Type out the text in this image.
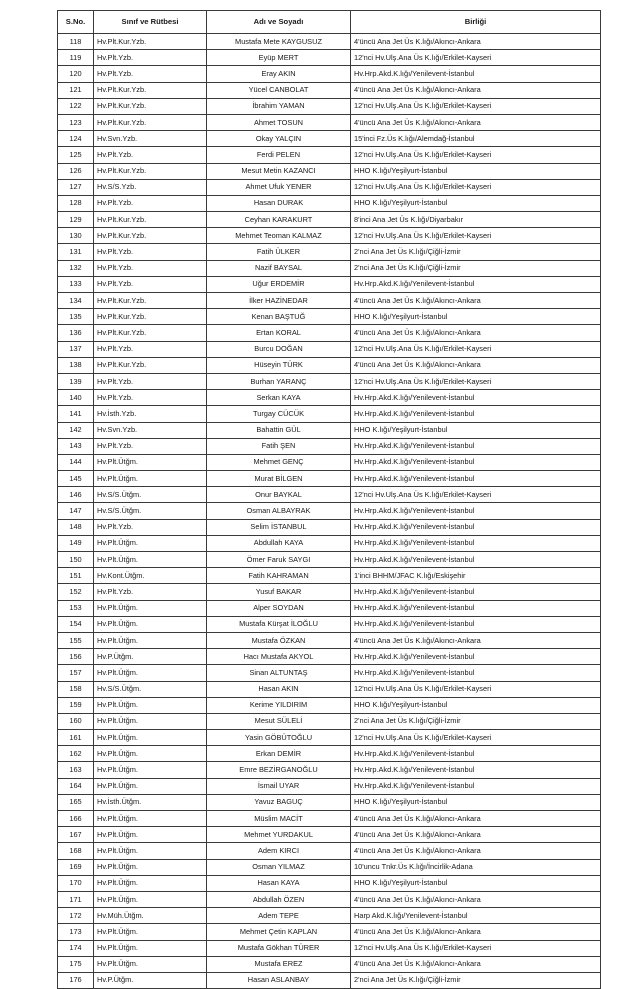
S.No.	Sınıf ve Rütbesi	Adı ve Soyadı	Birliği
118	Hv.Plt.Kur.Yzb.	Mustafa Mete KAYGUSUZ	4'üncü Ana Jet Üs K.lığı/Akıncı-Ankara
119	Hv.Plt.Yzb.	Eyüp MERT	12'nci Hv.Ulş.Ana Üs K.lığı/Erkilet-Kayseri
120	Hv.Plt.Yzb.	Eray AKIN	Hv.Hrp.Akd.K.lığı/Yenilevent-İstanbul
121	Hv.Plt.Kur.Yzb.	Yücel CANBOLAT	4'üncü Ana Jet Üs K.lığı/Akıncı-Ankara
122	Hv.Plt.Kur.Yzb.	İbrahim YAMAN	12'nci Hv.Ulş.Ana Üs K.lığı/Erkilet-Kayseri
123	Hv.Plt.Kur.Yzb.	Ahmet TOSUN	4'üncü Ana Jet Üs K.lığı/Akıncı-Ankara
124	Hv.Svn.Yzb.	Okay YALÇIN	15'inci Fz.Üs K.lığı/Alemdağ-İstanbul
125	Hv.Plt.Yzb.	Ferdi PELEN	12'nci Hv.Ulş.Ana Üs K.lığı/Erkilet-Kayseri
126	Hv.Plt.Kur.Yzb.	Mesut Metin KAZANCI	HHO K.lığı/Yeşilyurt-İstanbul
127	Hv.S/S.Yzb.	Ahmet Ufuk YENER	12'nci Hv.Ulş.Ana Üs K.lığı/Erkilet-Kayseri
128	Hv.Plt.Yzb.	Hasan DURAK	HHO K.lığı/Yeşilyurt-İstanbul
129	Hv.Plt.Kur.Yzb.	Ceyhan KARAKURT	8'inci Ana Jet Üs K.lığı/Diyarbakır
130	Hv.Plt.Kur.Yzb.	Mehmet Teoman KALMAZ	12'nci Hv.Ulş.Ana Üs K.lığı/Erkilet-Kayseri
131	Hv.Plt.Yzb.	Fatih ÜLKER	2'nci Ana Jet Üs K.lığı/Çiğli-İzmir
132	Hv.Plt.Yzb.	Nazif BAYSAL	2'nci Ana Jet Üs K.lığı/Çiğli-İzmir
133	Hv.Plt.Yzb.	Uğur ERDEMİR	Hv.Hrp.Akd.K.lığı/Yenilevent-İstanbul
134	Hv.Plt.Kur.Yzb.	İlker HAZİNEDAR	4'üncü Ana Jet Üs K.lığı/Akıncı-Ankara
135	Hv.Plt.Kur.Yzb.	Kenan BAŞTUĞ	HHO K.lığı/Yeşilyurt-İstanbul
136	Hv.Plt.Kur.Yzb.	Ertan KORAL	4'üncü Ana Jet Üs K.lığı/Akıncı-Ankara
137	Hv.Plt.Yzb.	Burcu DOĞAN	12'nci Hv.Ulş.Ana Üs K.lığı/Erkilet-Kayseri
138	Hv.Plt.Kur.Yzb.	Hüseyin TÜRK	4'üncü Ana Jet Üs K.lığı/Akıncı-Ankara
139	Hv.Plt.Yzb.	Burhan YARANÇ	12'nci Hv.Ulş.Ana Üs K.lığı/Erkilet-Kayseri
140	Hv.Plt.Yzb.	Serkan KAYA	Hv.Hrp.Akd.K.lığı/Yenilevent-İstanbul
141	Hv.İsth.Yzb.	Turgay CÜCÜK	Hv.Hrp.Akd.K.lığı/Yenilevent-İstanbul
142	Hv.Svn.Yzb.	Bahattin GÜL	HHO K.lığı/Yeşilyurt-İstanbul
143	Hv.Plt.Yzb.	Fatih ŞEN	Hv.Hrp.Akd.K.lığı/Yenilevent-İstanbul
144	Hv.Plt.Ütğm.	Mehmet GENÇ	Hv.Hrp.Akd.K.lığı/Yenilevent-İstanbul
145	Hv.Plt.Ütğm.	Murat BİLGEN	Hv.Hrp.Akd.K.lığı/Yenilevent-İstanbul
146	Hv.S/S.Ütğm.	Onur BAYKAL	12'nci Hv.Ulş.Ana Üs K.lığı/Erkilet-Kayseri
147	Hv.S/S.Ütğm.	Osman ALBAYRAK	Hv.Hrp.Akd.K.lığı/Yenilevent-İstanbul
148	Hv.Plt.Yzb.	Selim İSTANBUL	Hv.Hrp.Akd.K.lığı/Yenilevent-İstanbul
149	Hv.Plt.Ütğm.	Abdullah KAYA	Hv.Hrp.Akd.K.lığı/Yenilevent-İstanbul
150	Hv.Plt.Ütğm.	Ömer Faruk SAYGI	Hv.Hrp.Akd.K.lığı/Yenilevent-İstanbul
151	Hv.Kont.Ütğm.	Fatih KAHRAMAN	1'inci BHHM/JFAC K.lığı/Eskişehir
152	Hv.Plt.Yzb.	Yusuf BAKAR	Hv.Hrp.Akd.K.lığı/Yenilevent-İstanbul
153	Hv.Plt.Ütğm.	Alper SOYDAN	Hv.Hrp.Akd.K.lığı/Yenilevent-İstanbul
154	Hv.Plt.Ütğm.	Mustafa Kürşat İLOĞLU	Hv.Hrp.Akd.K.lığı/Yenilevent-İstanbul
155	Hv.Plt.Ütğm.	Mustafa ÖZKAN	4'üncü Ana Jet Üs K.lığı/Akıncı-Ankara
156	Hv.P.Ütğm.	Hacı Mustafa AKYOL	Hv.Hrp.Akd.K.lığı/Yenilevent-İstanbul
157	Hv.Plt.Ütğm.	Sinan ALTUNTAŞ	Hv.Hrp.Akd.K.lığı/Yenilevent-İstanbul
158	Hv.S/S.Ütğm.	Hasan AKIN	12'nci Hv.Ulş.Ana Üs K.lığı/Erkilet-Kayseri
159	Hv.Plt.Ütğm.	Kerime YILDIRIM	HHO K.lığı/Yeşilyurt-İstanbul
160	Hv.Plt.Ütğm.	Mesut SÜLELİ	2'nci Ana Jet Üs K.lığı/Çiğli-İzmir
161	Hv.Plt.Ütğm.	Yasin GÖBÜTOĞLU	12'nci Hv.Ulş.Ana Üs K.lığı/Erkilet-Kayseri
162	Hv.Plt.Ütğm.	Erkan DEMİR	Hv.Hrp.Akd.K.lığı/Yenilevent-İstanbul
163	Hv.Plt.Ütğm.	Emre BEZİRGANOĞLU	Hv.Hrp.Akd.K.lığı/Yenilevent-İstanbul
164	Hv.Plt.Ütğm.	İsmail UYAR	Hv.Hrp.Akd.K.lığı/Yenilevent-İstanbul
165	Hv.İsth.Ütğm.	Yavuz BAGUÇ	HHO K.lığı/Yeşilyurt-İstanbul
166	Hv.Plt.Ütğm.	Müslim MACİT	4'üncü Ana Jet Üs K.lığı/Akıncı-Ankara
167	Hv.Plt.Ütğm.	Mehmet YURDAKUL	4'üncü Ana Jet Üs K.lığı/Akıncı-Ankara
168	Hv.Plt.Ütğm.	Adem KIRCI	4'üncü Ana Jet Üs K.lığı/Akıncı-Ankara
169	Hv.Plt.Ütğm.	Osman YILMAZ	10'uncu Tnkr.Üs K.lığı/İncirlik-Adana
170	Hv.Plt.Ütğm.	Hasan KAYA	HHO K.lığı/Yeşilyurt-İstanbul
171	Hv.Plt.Ütğm.	Abdullah ÖZEN	4'üncü Ana Jet Üs K.lığı/Akıncı-Ankara
172	Hv.Müh.Ütğm.	Adem TEPE	Harp Akd.K.lığı/Yenilevent-İstanbul
173	Hv.Plt.Ütğm.	Mehmet Çetin KAPLAN	4'üncü Ana Jet Üs K.lığı/Akıncı-Ankara
174	Hv.Plt.Ütğm.	Mustafa Gökhan TÜRER	12'nci Hv.Ulş.Ana Üs K.lığı/Erkilet-Kayseri
175	Hv.Plt.Ütğm.	Mustafa EREZ	4'üncü Ana Jet Üs K.lığı/Akıncı-Ankara
176	Hv.P.Ütğm.	Hasan ASLANBAY	2'nci Ana Jet Üs K.lığı/Çiğli-İzmir
